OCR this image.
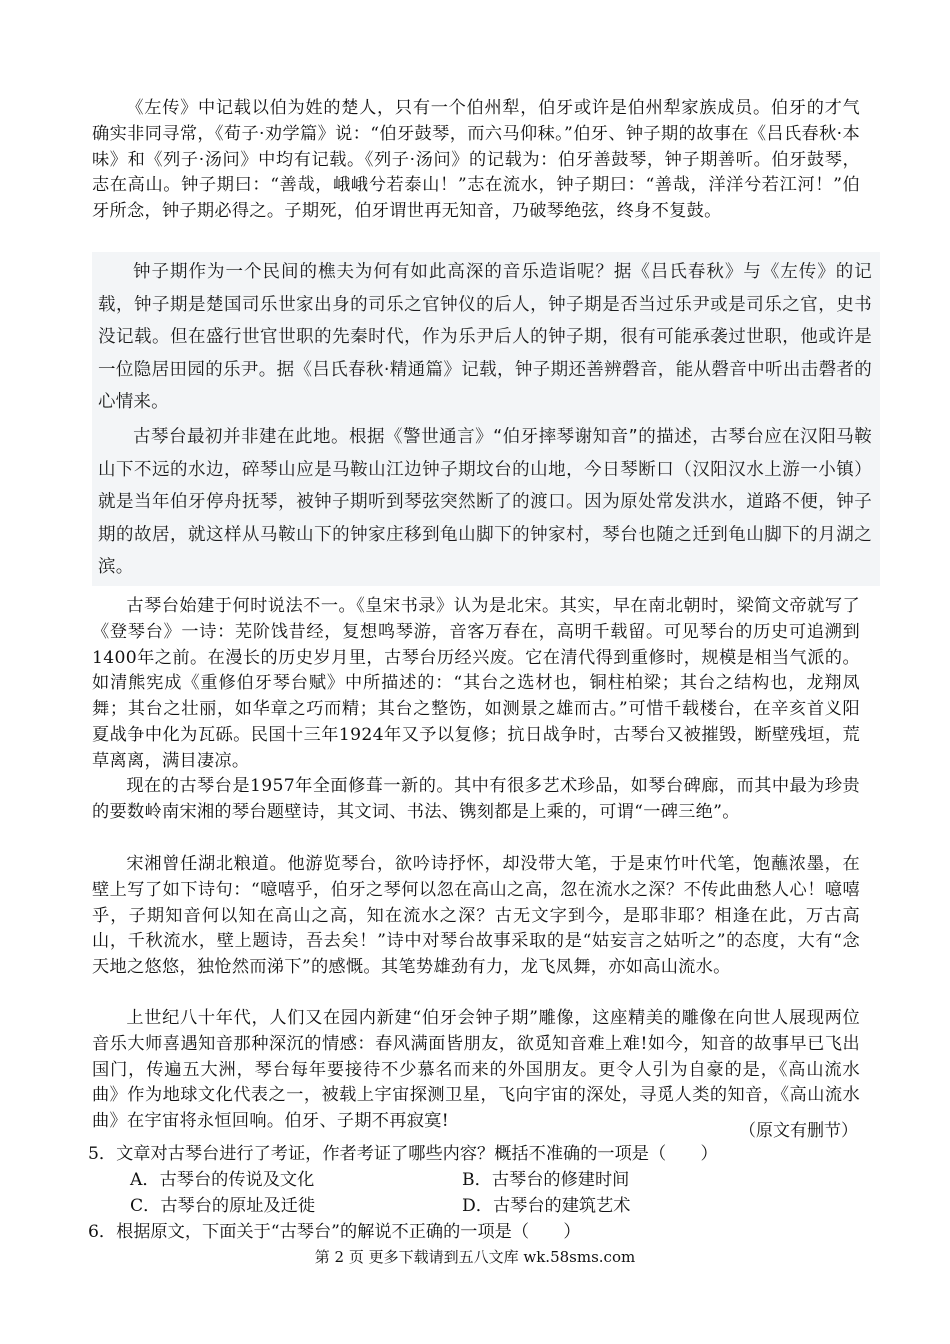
《左传》中记载以伯为姓的楚人，只有一个伯州犁，伯牙或许是伯州犁家族成员。伯牙的才气确实非同寻常，《荀子·劝学篇》说：“伯牙鼓琴，而六马仰秣。”伯牙、钟子期的故事在《吕氏春秋·本味》和《列子·汤问》中均有记载。《列子·汤问》的记载为：伯牙善鼓琴，钟子期善听。伯牙鼓琴，志在高山。钟子期曰：“善哉，峨峨兮若泰山！”志在流水，钟子期曰：“善哉，洋洋兮若江河！”伯牙所念，钟子期必得之。子期死，伯牙谓世再无知音，乃破琴绝弦，终身不复鼓。

钟子期作为一个民间的樵夫为何有如此高深的音乐造诣呢？据《吕氏春秋》与《左传》的记载，钟子期是楚国司乐世家出身的司乐之官钟仪的后人，钟子期是否当过乐尹或是司乐之官，史书没记载。但在盛行世官世职的先秦时代，作为乐尹后人的钟子期，很有可能承袭过世职，他或许是一位隐居田园的乐尹。据《吕氏春秋·精通篇》记载，钟子期还善辨磬音，能从磬音中听出击磬者的心情来。

古琴台最初并非建在此地。根据《警世通言》“伯牙摔琴谢知音”的描述，古琴台应在汉阳马鞍山下不远的水边，碎琴山应是马鞍山江边钟子期坟台的山地，今日琴断口（汉阳汉水上游一小镇）就是当年伯牙停舟抚琴，被钟子期听到琴弦突然断了的渡口。因为原处常发洪水，道路不便，钟子期的故居，就这样从马鞍山下的钟家庄移到龟山脚下的钟家村，琴台也随之迁到龟山脚下的月湖之滨。

古琴台始建于何时说法不一。《皇宋书录》认为是北宋。其实，早在南北朝时，梁简文帝就写了《登琴台》一诗：芜阶饯昔经，复想鸣琴游，音客万春在，高明千载留。可见琴台的历史可追溯到1400年之前。在漫长的历史岁月里，古琴台历经兴废。它在清代得到重修时，规模是相当气派的。如清熊宪成《重修伯牙琴台赋》中所描述的：“其台之选材也，铜柱柏梁；其台之结构也，龙翔凤舞；其台之壮丽，如华章之巧而精；其台之整饬，如测景之雄而古。”可惜千载楼台，在辛亥首义阳夏战争中化为瓦砾。民国十三年1924年又予以复修；抗日战争时，古琴台又被摧毁，断壁残垣，荒草离离，满目凄凉。

现在的古琴台是1957年全面修葺一新的。其中有很多艺术珍品，如琴台碑廊，而其中最为珍贵的要数岭南宋湘的琴台题壁诗，其文词、书法、镌刻都是上乘的，可谓“一碑三绝”。

宋湘曾任湖北粮道。他游览琴台，欲吟诗抒怀，却没带大笔，于是束竹叶代笔，饱蘸浓墨，在壁上写了如下诗句：“噫嘻乎，伯牙之琴何以忽在高山之高，忽在流水之深？不传此曲愁人心！噫嘻乎，子期知音何以知在高山之高，知在流水之深？古无文字到今，是耶非耶？相逢在此，万古高山，千秋流水，壁上题诗，吾去矣！”诗中对琴台故事采取的是“姑妄言之姑听之”的态度，大有“念天地之悠悠，独怆然而涕下”的感慨。其笔势雄劲有力，龙飞凤舞，亦如高山流水。

上世纪八十年代，人们又在园内新建“伯牙会钟子期”雕像，这座精美的雕像在向世人展现两位音乐大师喜遇知音那种深沉的情感：春风满面皆朋友，欲觅知音难上难!如今，知音的故事早已飞出国门，传遍五大洲，琴台每年要接待不少慕名而来的外国朋友。更令人引为自豪的是，《高山流水曲》作为地球文化代表之一，被载上宇宙探测卫星，飞向宇宙的深处，寻觅人类的知音，《高山流水曲》在宇宙将永恒回响。伯牙、子期不再寂寞!	（原文有删节）

5．文章对古琴台进行了考证，作者考证了哪些内容？概括不准确的一项是（　　）

A．古琴台的传说及文化	B．古琴台的修建时间

C．古琴台的原址及迁徙	D．古琴台的建筑艺术

6．根据原文，下面关于“古琴台”的解说不正确的一项是（　　）

第 2 页 更多下载请到五八文库 wk.58sms.com
